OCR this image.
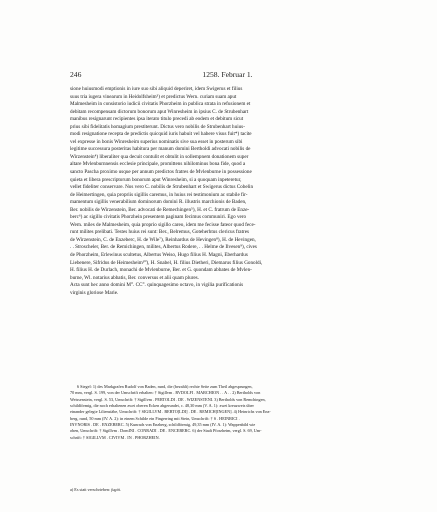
246	1258. Februar 1.
sione huiusmodi emptionis in iure suo sibi aliquid deperiret, idem Swigerus et filius
suus tria iugera vinearum in Heidolfsheim³) et predictus Wern. curiam suam aput
Malmesheim in consistorio iudicii civitatis Phorzheim in publica strata in refusionem et
debitam recompensam dictorum bonorum aput Winresheim in ipsius C. de Strubenhart
manibus resignarunt recipientes ipsa iterato titulo precedi ab eodem et debitum sicut
prius sibi fidelitatis homagium prestiterunt. Dictus vero nobilis de Strubenhart huius-
modi resignatione recepta de predictis quicquid iuris habuit vel habere visus fuit*) tacite
vel expresse in bonis Winresheim superius nominatis sive sua esset in posterum sibi
legitime successura posteritas habitura per manum domini Bertholdi advocati nobilis de
Wirzenstein⁴) liberaliter qua decuit contulit et obtulit in sollempnem donationem super
altare Mvlenburnnensis ecclesie principale, promittens nihilominus bona fide, quod a
sancto Pascha proximo usque per annum predictos fratres de Mvlenburne in possessione
quieta et libera prescriptorum bonorum aput Winresheim, si a quoquam inpeteretur,
vellet fideliter conservare. Nos vero C. nobilis de Strubenhart et Swigerus dictus Cobelin
de Heimertingen, quia propriis sigillis caremus, in huius rei testimonium ac stabile fir-
mamentum sigillis venerabilium dominorum domini R. illustris marchionis de Baden,
Ber. nobilis de Wirzenstein, Ber. advocati de Remechingen⁵), H. et C. fratrum de Enze-
berc⁶) ac sigillo civitatis Phorzhein presentem paginam fecimus communiri. Ego vero
Wern. miles de Malmesheim, quia proprio sigillo careo, idem me fecisse fateor quod fece-
runt milites prelibati. Testes huius rei sunt: Ber., Belremus, Goteherhtus clericus fratres
de Wirzenstein, C. de Enzeberc, H. de Wile⁷), Reinhardus de Hevingen⁸), H. de Hevingen,
. . Stroscheler, Ber. de Remichingen, milites, Albertus Rodere, . . Helme de Ilvesen⁹), cives
de Phorzheim, Erlewinus scultetus, Albertus Weiso, Hugo filius H. Magni, Eberhardus
Liebenere, Sifridus de Heimesheim¹⁰), H. Snabel, H. filius Dietheri, Diemarus filius Gonoldi,
H. filius H. de Durlach, monachi de Mvlenburne, Ber. et G. quondam abbates de Mvlen-
burne, Wl. notarius abbatis, Ber. conversus et alii quam plures.
Acta sunt hec anno domini M°. CC°. quinquagesimo octavo, in vigilia purificationis
virginis gloriose Marie.
6 Siegel: 1) des Markgrafen Rudolf von Baden, rund, die (bezahlt) rechte Seite zum Theil abgesprungen,
70 mm, vergl. S. 199, von der Umschrift erhalten: † Sigillvm . RVDOLFI . MARCHION . . A . . 2) Bertholds von
Weissenstein, vergl. S. 53, Umschrift: † Sigillvm . PERTOLDI . DE . WIZENSTENI. 3) Bertholds von Remchingen,
schildförmig, die noch erhaltenen zwei oberen Ecken abgerundet, c. 48,30 mm (V. A. 1): zwei kreuzweis über
einander gelegte Lilienstäbe, Umschrift: † SIGILLVM . BERTO[LDI] . DE . REMICH[INGEN]. 4) Heinrichs von Enz-
berg, rund, 50 mm (IV. A. 2): in einem Schilde ein Fingerring mit Stein, Umschrift: † S . HEINRICI .
INVNORIS . DE . ENZEBERC. 5) Kunrads von Enzberg, schildförmig, 49,35 mm (IV. A. 1): Wappenbild wie
oben, Umschrift: † Sigillvm . DomINI . CONRADI . DE . ENCEBERC. 6) der Stadt Pforzheim, vergl. S. 69, Um-
schrift: † SIGILLVM . CIVIVM . IN . PHORZHEIN.
a) Es statt verschrieben: fugiti.
